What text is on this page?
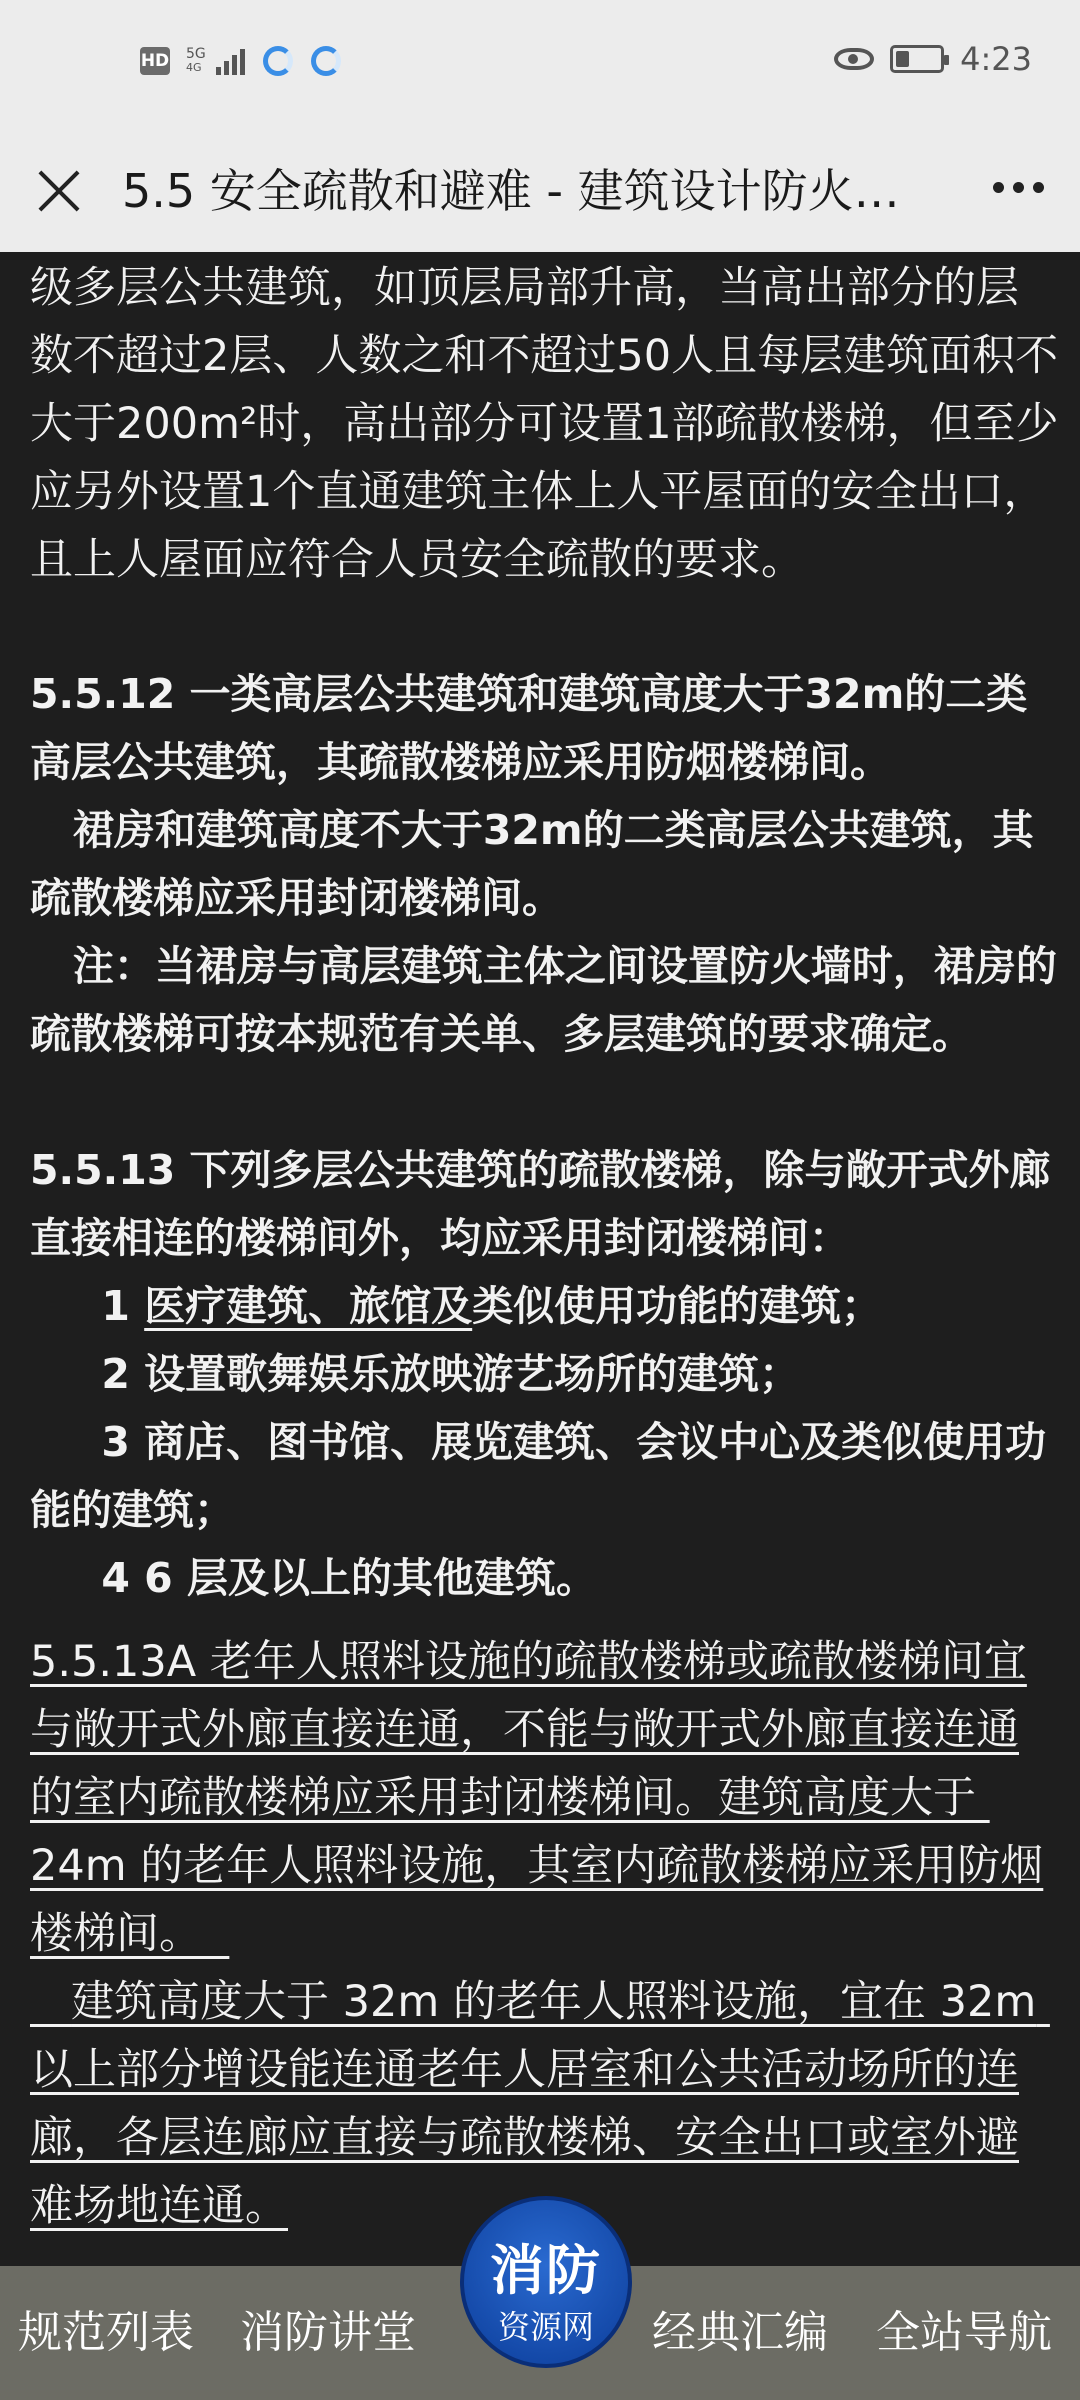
HD 5G
4G	4:23
5.5 安全疏散和避难 - 建筑设计防火…
级多层公共建筑，如顶层局部升高，当高出部分的层数不超过2层、人数之和不超过50人且每层建筑面积不大于200m²时，高出部分可设置1部疏散楼梯，但至少应另外设置1个直通建筑主体上人平屋面的安全出口，且上人屋面应符合人员安全疏散的要求。
5.5.12 一类高层公共建筑和建筑高度大于32m的二类高层公共建筑，其疏散楼梯应采用防烟楼梯间。
裙房和建筑高度不大于32m的二类高层公共建筑，其疏散楼梯应采用封闭楼梯间。
注：当裙房与高层建筑主体之间设置防火墙时，裙房的疏散楼梯可按本规范有关单、多层建筑的要求确定。
5.5.13 下列多层公共建筑的疏散楼梯，除与敞开式外廊直接相连的楼梯间外，均应采用封闭楼梯间：
1 医疗建筑、旅馆及类似使用功能的建筑；
2 设置歌舞娱乐放映游艺场所的建筑；
3 商店、图书馆、展览建筑、会议中心及类似使用功能的建筑；
4 6 层及以上的其他建筑。
5.5.13A 老年人照料设施的疏散楼梯或疏散楼梯间宜与敞开式外廊直接连通，不能与敞开式外廊直接连通的室内疏散楼梯应采用封闭楼梯间。建筑高度大于 24m 的老年人照料设施，其室内疏散楼梯应采用防烟楼梯间。
建筑高度大于 32m 的老年人照料设施，宜在 32m 以上部分增设能连通老年人居室和公共活动场所的连廊，各层连廊应直接与疏散楼梯、安全出口或室外避难场地连通。
规范列表 消防讲堂	经典汇编 全站导航
消防
资源网
